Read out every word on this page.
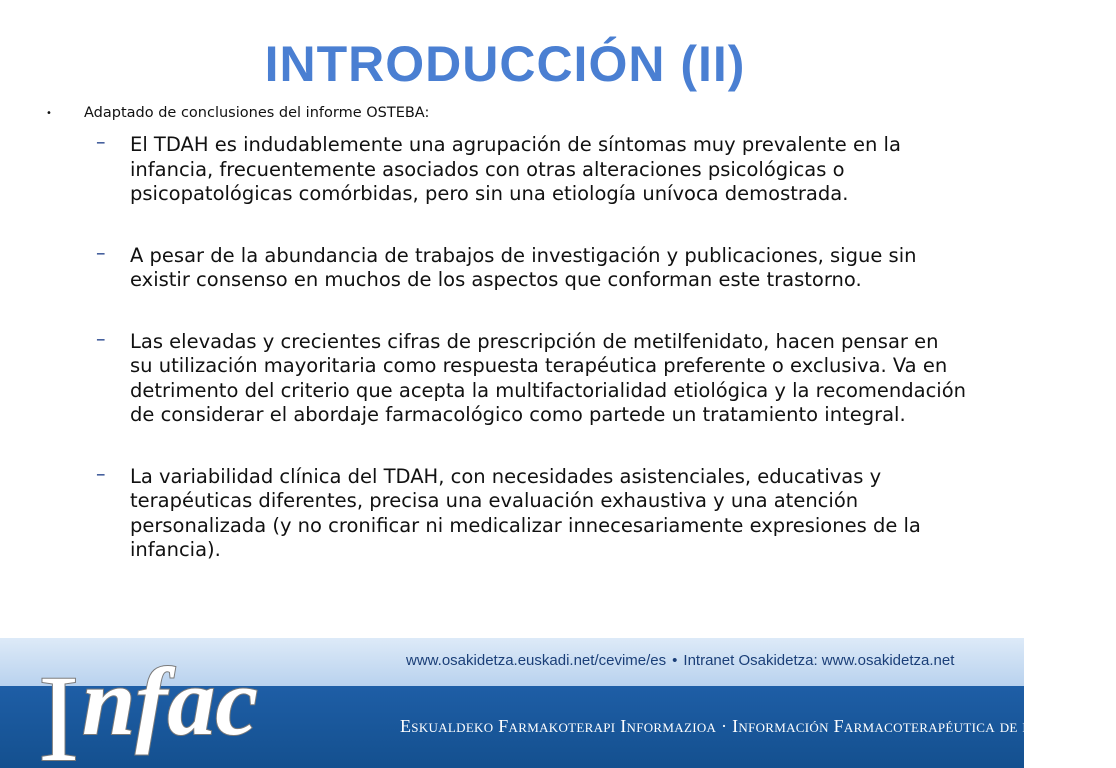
INTRODUCCIÓN (II)

• Adaptado de conclusiones del informe OSTEBA:

– El TDAH es indudablemente una agrupación de síntomas muy prevalente en la infancia, frecuentemente asociados con otras alteraciones psicológicas o psicopatológicas comórbidas, pero sin una etiología unívoca demostrada.
– A pesar de la abundancia de trabajos de investigación y publicaciones, sigue sin existir consenso en muchos de los aspectos que conforman este trastorno.
– Las elevadas y crecientes cifras de prescripción de metilfenidato, hacen pensar en su utilización mayoritaria como respuesta terapéutica preferente o exclusiva. Va en detrimento del criterio que acepta la multifactorialidad etiológica y la recomendación de considerar el abordaje farmacológico como partede un tratamiento integral.
– La variabilidad clínica del TDAH, con necesidades asistenciales, educativas y terapéuticas diferentes, precisa una evaluación exhaustiva y una atención personalizada (y no cronificar ni medicalizar innecesariamente expresiones de la infancia).
www.osakidetza.euskadi.net/cevime/es • Intranet Osakidetza: www.osakidetza.net
Eskualdeko Farmakoterapi Informazioa · Información Farmacoterapéutica de la Comarca
I nfac
